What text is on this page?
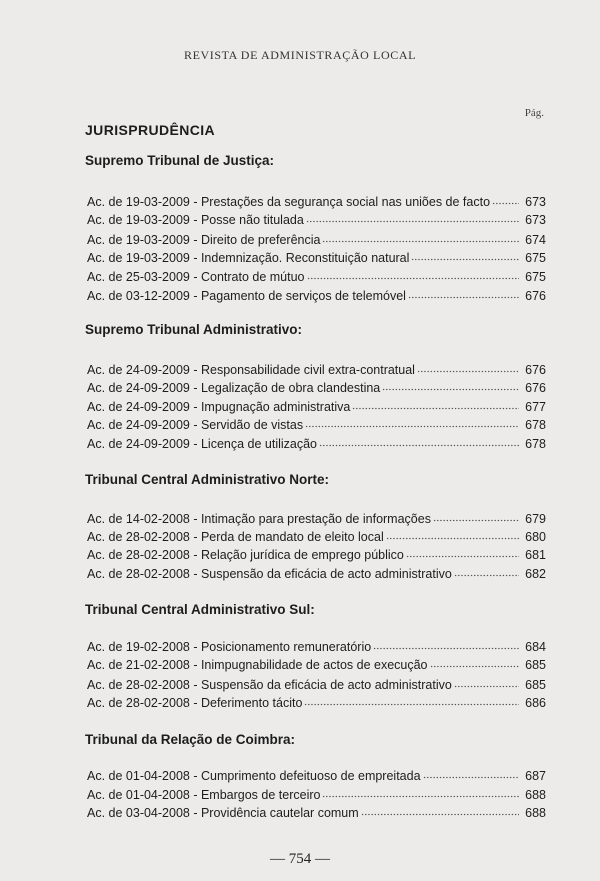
REVISTA DE ADMINISTRAÇÃO LOCAL
Pág.
JURISPRUDÊNCIA
Supremo Tribunal de Justiça:
Ac. de 19-03-2009 - Prestações da segurança social nas uniões de facto	673
Ac. de 19-03-2009 - Posse não titulada	673
Ac. de 19-03-2009 - Direito de preferência	674
Ac. de 19-03-2009 - Indemnização. Reconstituição natural	675
Ac. de 25-03-2009 - Contrato de mútuo	675
Ac. de 03-12-2009 - Pagamento de serviços de telemóvel	676
Supremo Tribunal Administrativo:
Ac. de 24-09-2009 - Responsabilidade civil extra-contratual	676
Ac. de 24-09-2009 - Legalização de obra clandestina	676
Ac. de 24-09-2009 - Impugnação administrativa	677
Ac. de 24-09-2009 - Servidão de vistas	678
Ac. de 24-09-2009 - Licença de utilização	678
Tribunal Central Administrativo Norte:
Ac. de 14-02-2008 - Intimação para prestação de informações	679
Ac. de 28-02-2008 - Perda de mandato de eleito local	680
Ac. de 28-02-2008 - Relação jurídica de emprego público	681
Ac. de 28-02-2008 - Suspensão da eficácia de acto administrativo	682
Tribunal Central Administrativo Sul:
Ac. de 19-02-2008 - Posicionamento remuneratório	684
Ac. de 21-02-2008 - Inimpugnabilidade de actos de execução	685
Ac. de 28-02-2008 - Suspensão da eficácia de acto administrativo	685
Ac. de 28-02-2008 - Deferimento tácito	686
Tribunal da Relação de Coimbra:
Ac. de 01-04-2008 - Cumprimento defeituoso de empreitada	687
Ac. de 01-04-2008 - Embargos de terceiro	688
Ac. de 03-04-2008 - Providência cautelar comum	688
— 754 —
